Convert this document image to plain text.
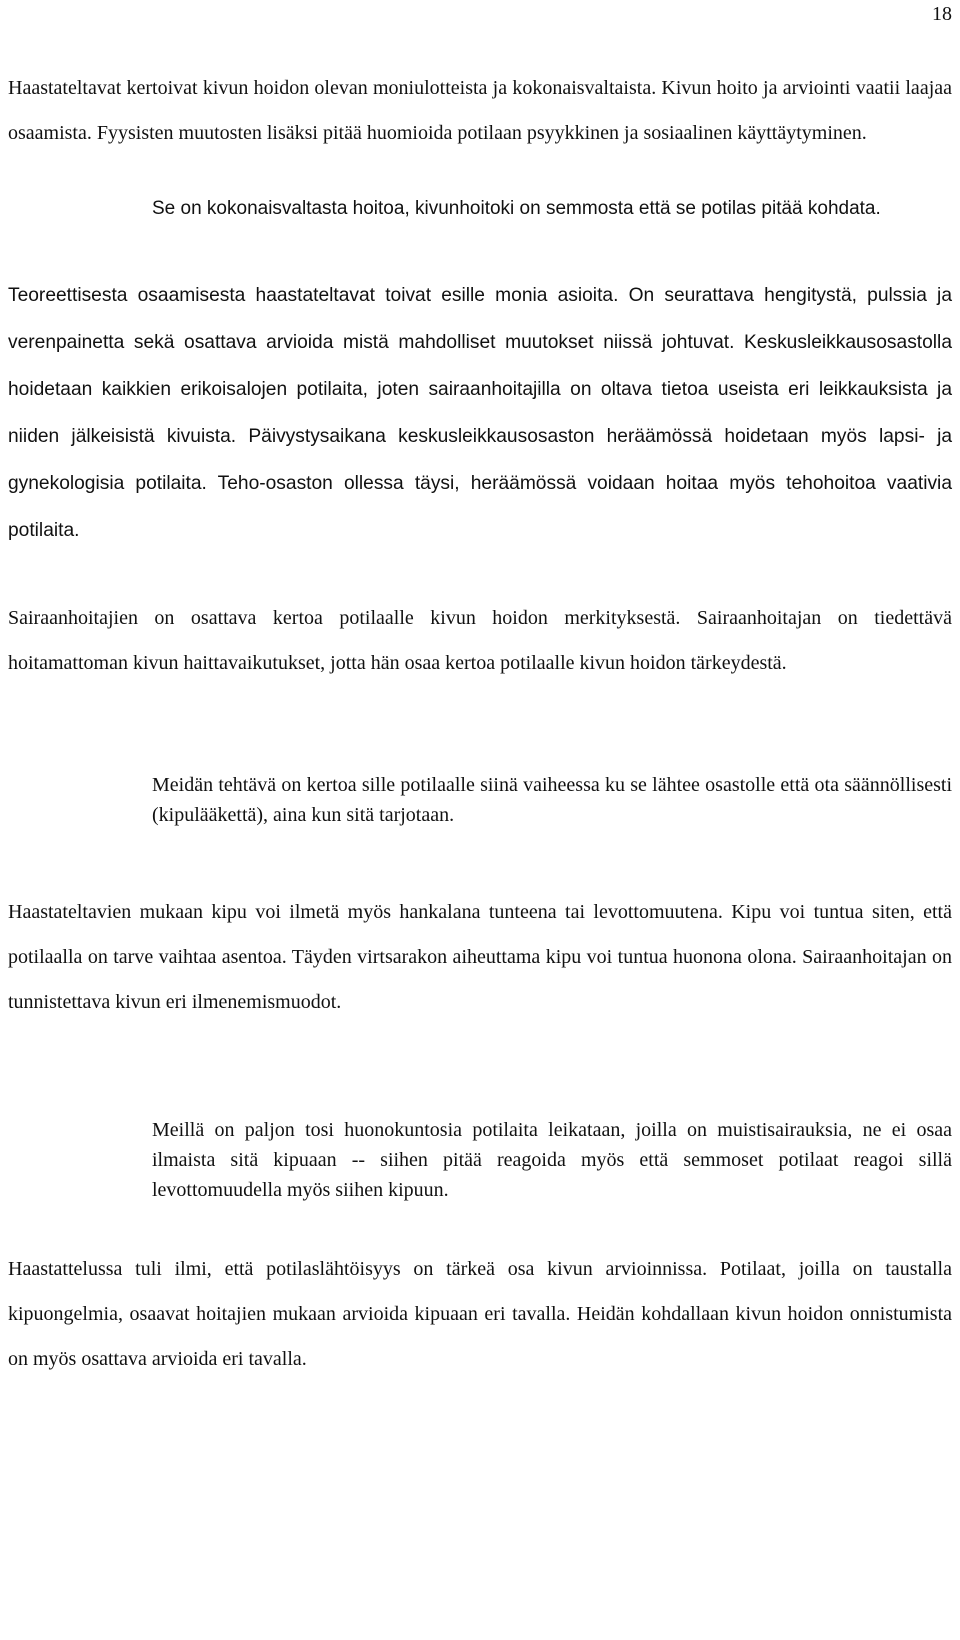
18

Haastateltavat kertoivat kivun hoidon olevan moniulotteista ja kokonaisvaltaista. Kivun hoito ja arviointi vaatii laajaa osaamista. Fyysisten muutosten lisäksi pitää huomioida potilaan psyykkinen ja sosiaalinen käyttäytyminen.

Se on kokonaisvaltasta hoitoa, kivunhoitoki on semmosta että se potilas pitää kohdata.

Teoreettisesta osaamisesta haastateltavat toivat esille monia asioita. On seurattava hengitystä, pulssia ja verenpainetta sekä osattava arvioida mistä mahdolliset muutokset niissä johtuvat. Keskusleikkausosastolla hoidetaan kaikkien erikoisalojen potilaita, joten sairaanhoitajilla on oltava tietoa useista eri leikkauksista ja niiden jälkeisistä kivuista. Päivystysaikana keskusleikkausosaston heräämössä hoidetaan myös lapsi- ja gynekologisia potilaita. Teho-osaston ollessa täysi, heräämössä voidaan hoitaa myös tehohoitoa vaativia potilaita.

Sairaanhoitajien on osattava kertoa potilaalle kivun hoidon merkityksestä. Sairaanhoitajan on tiedettävä hoitamattoman kivun haittavaikutukset, jotta hän osaa kertoa potilaalle kivun hoidon tärkeydestä.

Meidän tehtävä on kertoa sille potilaalle siinä vaiheessa ku se lähtee osastolle että ota säännöllisesti (kipulääkettä), aina kun sitä tarjotaan.

Haastateltavien mukaan kipu voi ilmetä myös hankalana tunteena tai levottomuutena. Kipu voi tuntua siten, että potilaalla on tarve vaihtaa asentoa. Täyden virtsarakon aiheuttama kipu voi tuntua huonona olona. Sairaanhoitajan on tunnistettava kivun eri ilmenemismuodot.

Meillä on paljon tosi huonokuntosia potilaita leikataan, joilla on muistisairauksia, ne ei osaa ilmaista sitä kipuaan -- siihen pitää reagoida myös että semmoset potilaat reagoi sillä levottomuudella myös siihen kipuun.

Haastattelussa tuli ilmi, että potilaslähtöisyys on tärkeä osa kivun arvioinnissa. Potilaat, joilla on taustalla kipuongelmia, osaavat hoitajien mukaan arvioida kipuaan eri tavalla. Heidän kohdallaan kivun hoidon onnistumista on myös osattava arvioida eri tavalla.
